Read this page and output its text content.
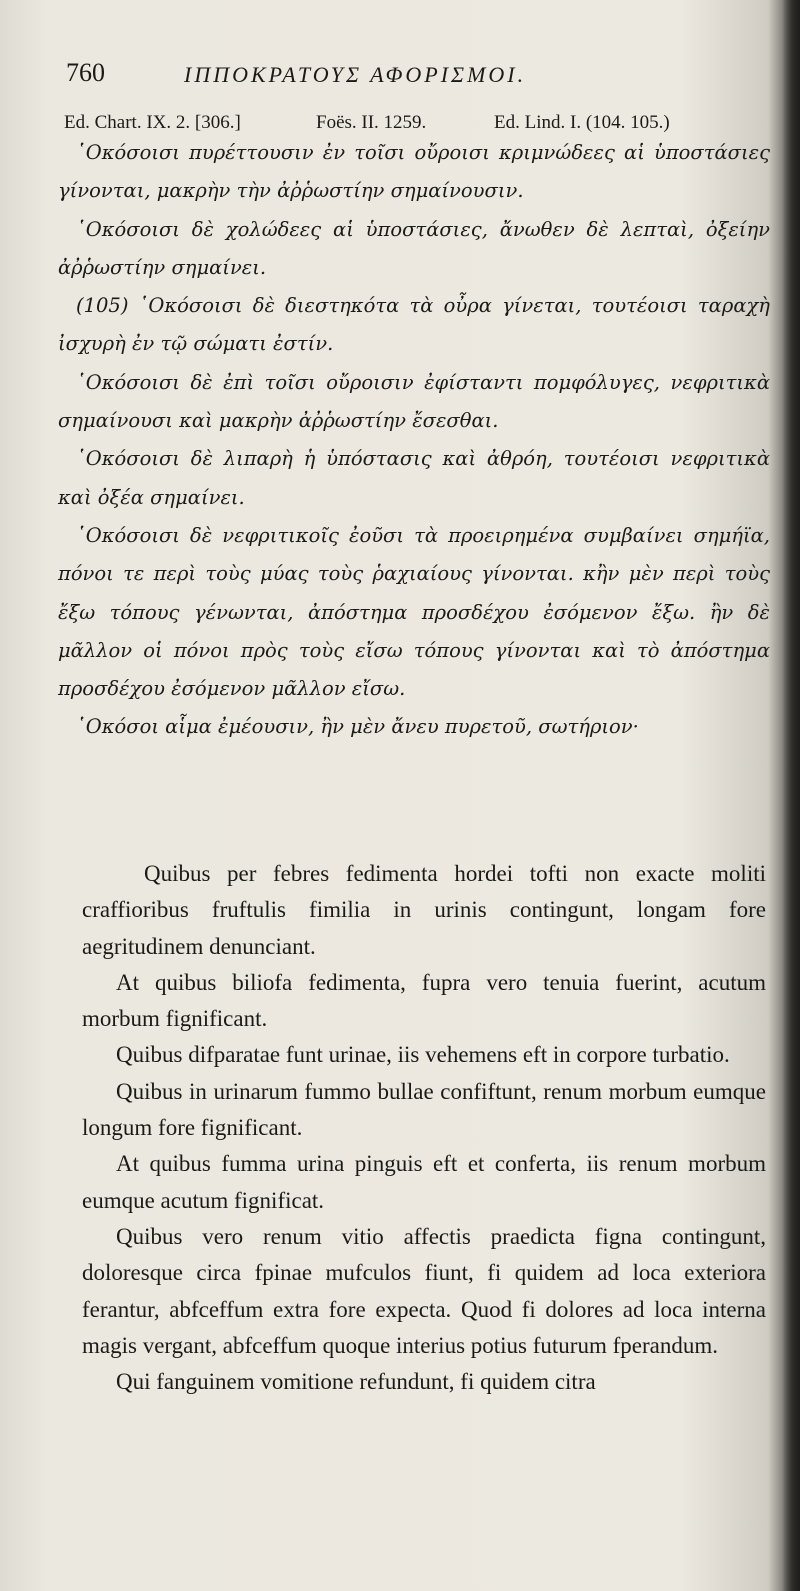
760	ΙΠΠΟΚΡΑΤΟΥΣ ΑΦΟΡΙΣΜΟΙ.
Ed. Chart. IX. 2. [306.]	Foës. II. 1259.	Ed. Lind. I. (104. 105.)

῾Οκόσοισι πυρέττουσιν ἐν τοῖσι οὔροισι κριμνώδεες αἱ ὑποστάσιες γίνονται, μακρὴν τὴν ἀῤῥωστίην σημαίνουσιν.

῾Οκόσοισι δὲ χολώδεες αἱ ὑποστάσιες, ἄνωθεν δὲ λεπταὶ, ὀξείην ἀῤῥωστίην σημαίνει.

(105) ῾Οκόσοισι δὲ διεστηκότα τὰ οὖρα γίνεται, τουτέοισι ταραχὴ ἰσχυρὴ ἐν τῷ σώματι ἐστίν.

῾Οκόσοισι δὲ ἐπὶ τοῖσι οὔροισιν ἐφίσταντι πομφόλυγες, νεφριτικὰ σημαίνουσι καὶ μακρὴν ἀῤῥωστίην ἔσεσθαι.

῾Οκόσοισι δὲ λιπαρὴ ἡ ὑπόστασις καὶ ἀθρόη, τουτέοισι νεφριτικὰ καὶ ὀξέα σημαίνει.

῾Οκόσοισι δὲ νεφριτικοῖς ἐοῦσι τὰ προειρημένα συμβαίνει σημήϊα, πόνοι τε περὶ τοὺς μύας τοὺς ῥαχιαίους γίνονται. κἢν μὲν περὶ τοὺς ἔξω τόπους γένωνται, ἀπόστημα προσδέχου ἐσόμενον ἔξω. ἢν δὲ μᾶλλον οἱ πόνοι πρὸς τοὺς εἴσω τόπους γίνονται καὶ τὸ ἀπόστημα προσδέχου ἐσόμενον μᾶλλον εἴσω.

῾Οκόσοι αἷμα ἐμέουσιν, ἢν μὲν ἄνευ πυρετοῦ, σωτήριον·

Quibus per febres fedimenta hordei tofti non exacte moliti craffioribus fruftulis fimilia in urinis contingunt, longam fore aegritudinem denunciant.

At quibus biliofa fedimenta, fupra vero tenuia fuerint, acutum morbum fignificant.

Quibus difparatae funt urinae, iis vehemens eft in corpore turbatio.

Quibus in urinarum fummo bullae confiftunt, renum morbum eumque longum fore fignificant.

At quibus fumma urina pinguis eft et conferta, iis renum morbum eumque acutum fignificat.

Quibus vero renum vitio affectis praedicta figna contingunt, doloresque circa fpinae mufculos fiunt, fi quidem ad loca exteriora ferantur, abfceffum extra fore expecta. Quod fi dolores ad loca interna magis vergant, abfceffum quoque interius potius futurum fperandum.

Qui fanguinem vomitione refundunt, fi quidem citra
